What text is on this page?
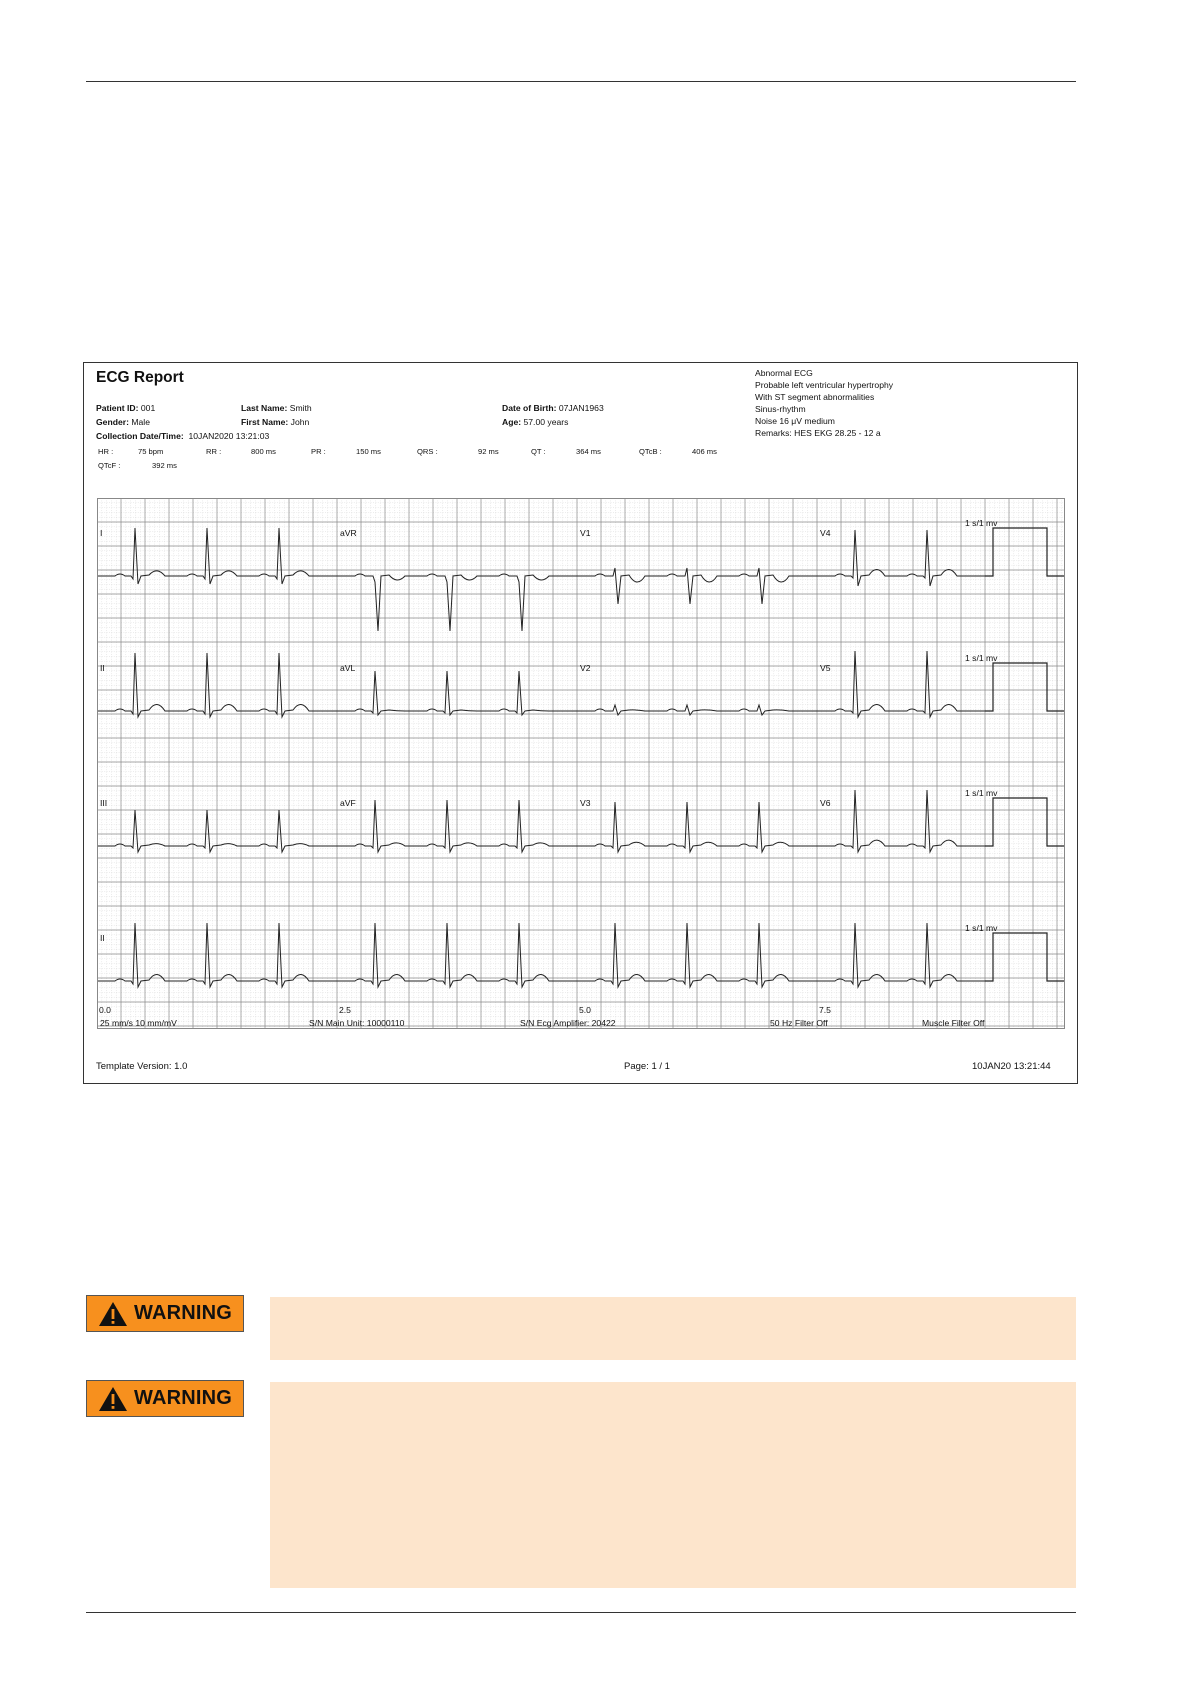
ECG Report
Patient ID: 001	Last Name: Smith	Date of Birth: 07JAN1963
Gender: Male	First Name: John	Age: 57.00 years
Collection Date/Time: 10JAN2020 13:21:03
Abnormal ECG
Probable left ventricular hypertrophy
With ST segment abnormalities
Sinus-rhythm
Noise 16 μV medium
Remarks: HES EKG 28.25 - 12 a
HR :	75 bpm	RR :	800 ms	PR :	150 ms	QRS :	92 ms	QT :	364 ms	QTcB :	406 ms
QTcF :	392 ms
I	aVR	V1	V4
II	aVL	V2	V5
III	aVF	V3	V6
II
1 s/1 mv
1 s/1 mv
1 s/1 mv
1 s/1 mv
0.0	2.5	5.0	7.5
25 mm/s 10 mm/mV	S/N Main Unit: 10000110	S/N Ecg Amplifier: 20422	50 Hz Filter Off	Muscle Filter Off
Template Version: 1.0	Page: 1 / 1	10JAN20 13:21:44
WARNING
WARNING
